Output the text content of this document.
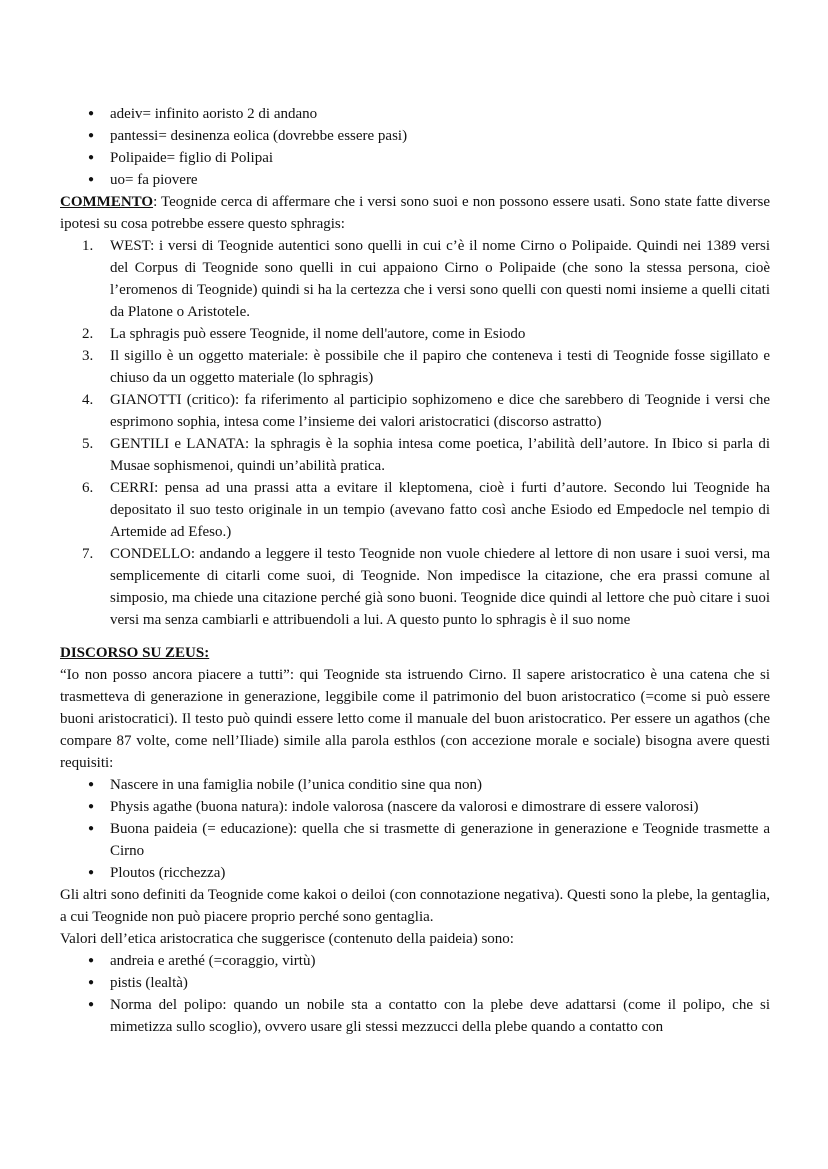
● adeiv= infinito aoristo 2 di andano
● pantessi= desinenza eolica (dovrebbe essere pasi)
● Polipaide= figlio di Polipai
● uo= fa piovere

COMMENTO: Teognide cerca di affermare che i versi sono suoi e non possono essere usati. Sono state fatte diverse ipotesi su cosa potrebbe essere questo sphragis:

1. WEST: i versi di Teognide autentici sono quelli in cui c’è il nome Cirno o Polipaide. Quindi nei 1389 versi del Corpus di Teognide sono quelli in cui appaiono Cirno o Polipaide (che sono la stessa persona, cioè l’eromenos di Teognide) quindi si ha la certezza che i versi sono quelli con questi nomi insieme a quelli citati da Platone o Aristotele.
2. La sphragis può essere Teognide, il nome dell'autore, come in Esiodo
3. Il sigillo è un oggetto materiale: è possibile che il papiro che conteneva i testi di Teognide fosse sigillato e chiuso da un oggetto materiale (lo sphragis)
4. GIANOTTI (critico): fa riferimento al participio sophizomeno e dice che sarebbero di Teognide i versi che esprimono sophia, intesa come l’insieme dei valori aristocratici (discorso astratto)
5. GENTILI e LANATA: la sphragis è la sophia intesa come poetica, l’abilità dell’autore. In Ibico si parla di Musae sophismenoi, quindi un’abilità pratica.
6. CERRI: pensa ad una prassi atta a evitare il kleptomena, cioè i furti d’autore. Secondo lui Teognide ha depositato il suo testo originale in un tempio (avevano fatto così anche Esiodo ed Empedocle nel tempio di Artemide ad Efeso.)
7. CONDELLO: andando a leggere il testo Teognide non vuole chiedere al lettore di non usare i suoi versi, ma semplicemente di citarli come suoi, di Teognide. Non impedisce la citazione, che era prassi comune al simposio, ma chiede una citazione perché già sono buoni. Teognide dice quindi al lettore che può citare i suoi versi ma senza cambiarli e attribuendoli a lui. A questo punto lo sphragis è il suo nome

DISCORSO SU ZEUS:

“Io non posso ancora piacere a tutti”: qui Teognide sta istruendo Cirno. Il sapere aristocratico è una catena che si trasmetteva di generazione in generazione, leggibile come il patrimonio del buon aristocratico (=come si può essere buoni aristocratici). Il testo può quindi essere letto come il manuale del buon aristocratico. Per essere un agathos (che compare 87 volte, come nell’Iliade) simile alla parola esthlos (con accezione morale e sociale) bisogna avere questi requisiti:

● Nascere in una famiglia nobile (l’unica conditio sine qua non)
● Physis agathe (buona natura): indole valorosa (nascere da valorosi e dimostrare di essere valorosi)
● Buona paideia (= educazione): quella che si trasmette di generazione in generazione e Teognide trasmette a Cirno
● Ploutos (ricchezza)

Gli altri sono definiti da Teognide come kakoi o deiloi (con connotazione negativa). Questi sono la plebe, la gentaglia, a cui Teognide non può piacere proprio perché sono gentaglia.

Valori dell’etica aristocratica che suggerisce (contenuto della paideia) sono:

● andreia e arethé (=coraggio, virtù)
● pistis (lealtà)
● Norma del polipo: quando un nobile sta a contatto con la plebe deve adattarsi (come il polipo, che si mimetizza sullo scoglio), ovvero usare gli stessi mezzucci della plebe quando a contatto con
